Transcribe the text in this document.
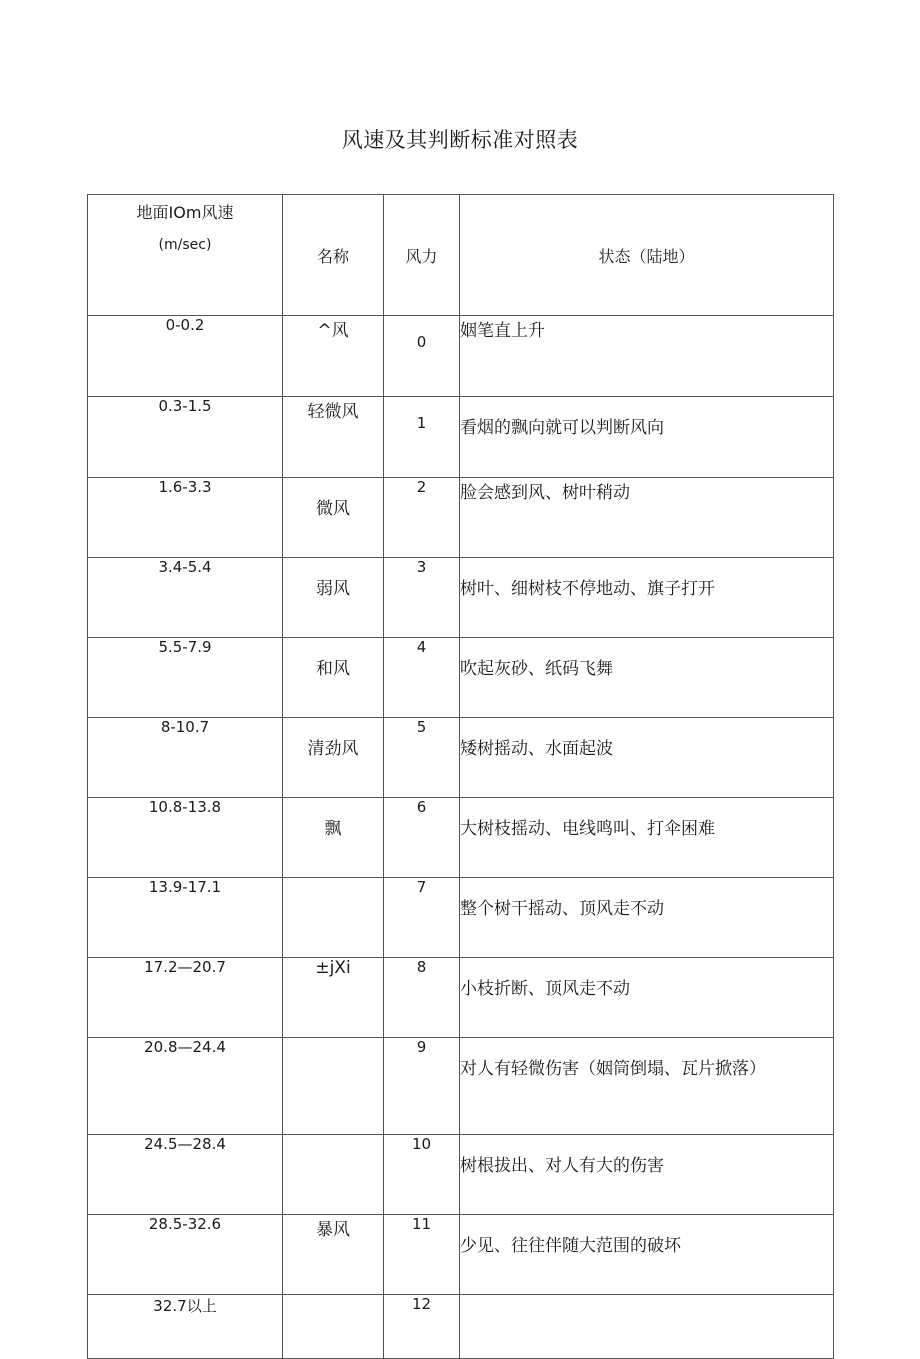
风速及其判断标准对照表
地面IOm风速
(m/sec)	名称	风力	状态（陆地）
0-0.2	^风	0	姻笔直上升
0.3-1.5	轻微风	1	看烟的飘向就可以判断风向
1.6-3.3	微风	2	脸会感到风、树叶稍动
3.4-5.4	弱风	3	树叶、细树枝不停地动、旗子打开
5.5-7.9	和风	4	吹起灰砂、纸码飞舞
8-10.7	清劲风	5	矮树摇动、水面起波
10.8-13.8	飘	6	大树枝摇动、电线鸣叫、打伞困难
13.9-17.1		7	整个树干摇动、顶风走不动
17.2—20.7	±jXi	8	小枝折断、顶风走不动
20.8—24.4		9	对人有轻微伤害（姻筒倒塌、瓦片掀落）
24.5—28.4		10	树根拔出、对人有大的伤害
28.5-32.6	暴风	11	少见、往往伴随大范围的破坏
32.7以上		12	
